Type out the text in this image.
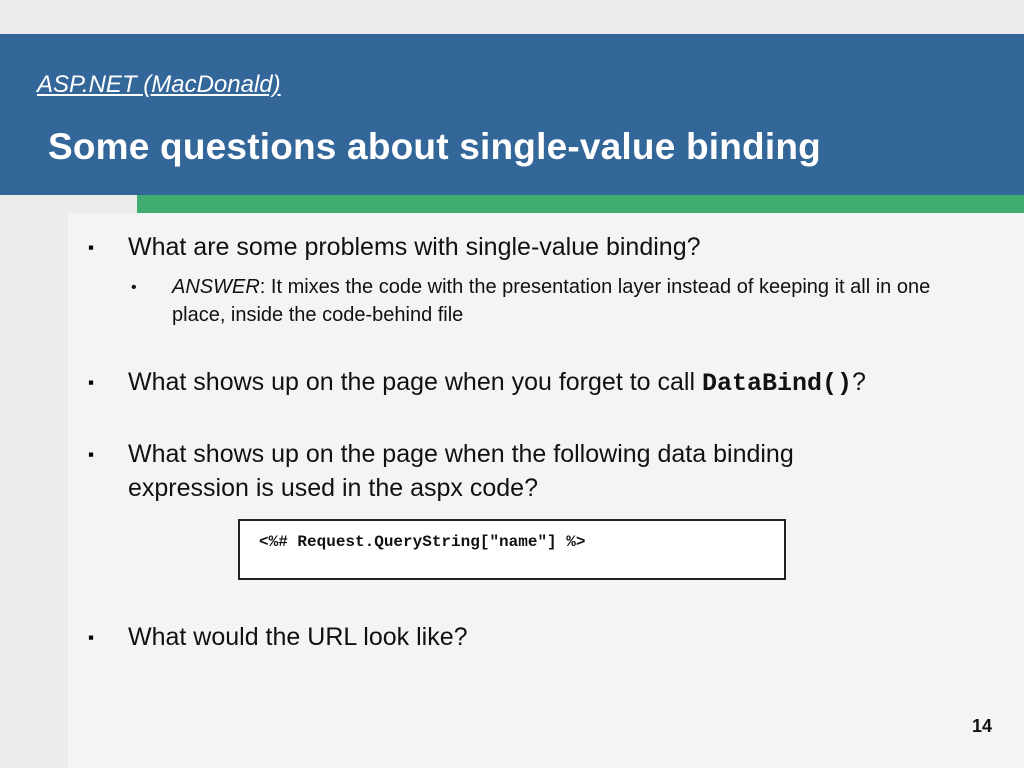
ASP.NET (MacDonald)
Some questions about single-value binding
▪ What are some problems with single-value binding?
• ANSWER: It mixes the code with the presentation layer instead of keeping it all in one place, inside the code-behind file
▪ What shows up on the page when you forget to call DataBind()?
▪ What shows up on the page when the following data binding expression is used in the aspx code?
<%# Request.QueryString["name"] %>
▪ What would the URL look like?
14
